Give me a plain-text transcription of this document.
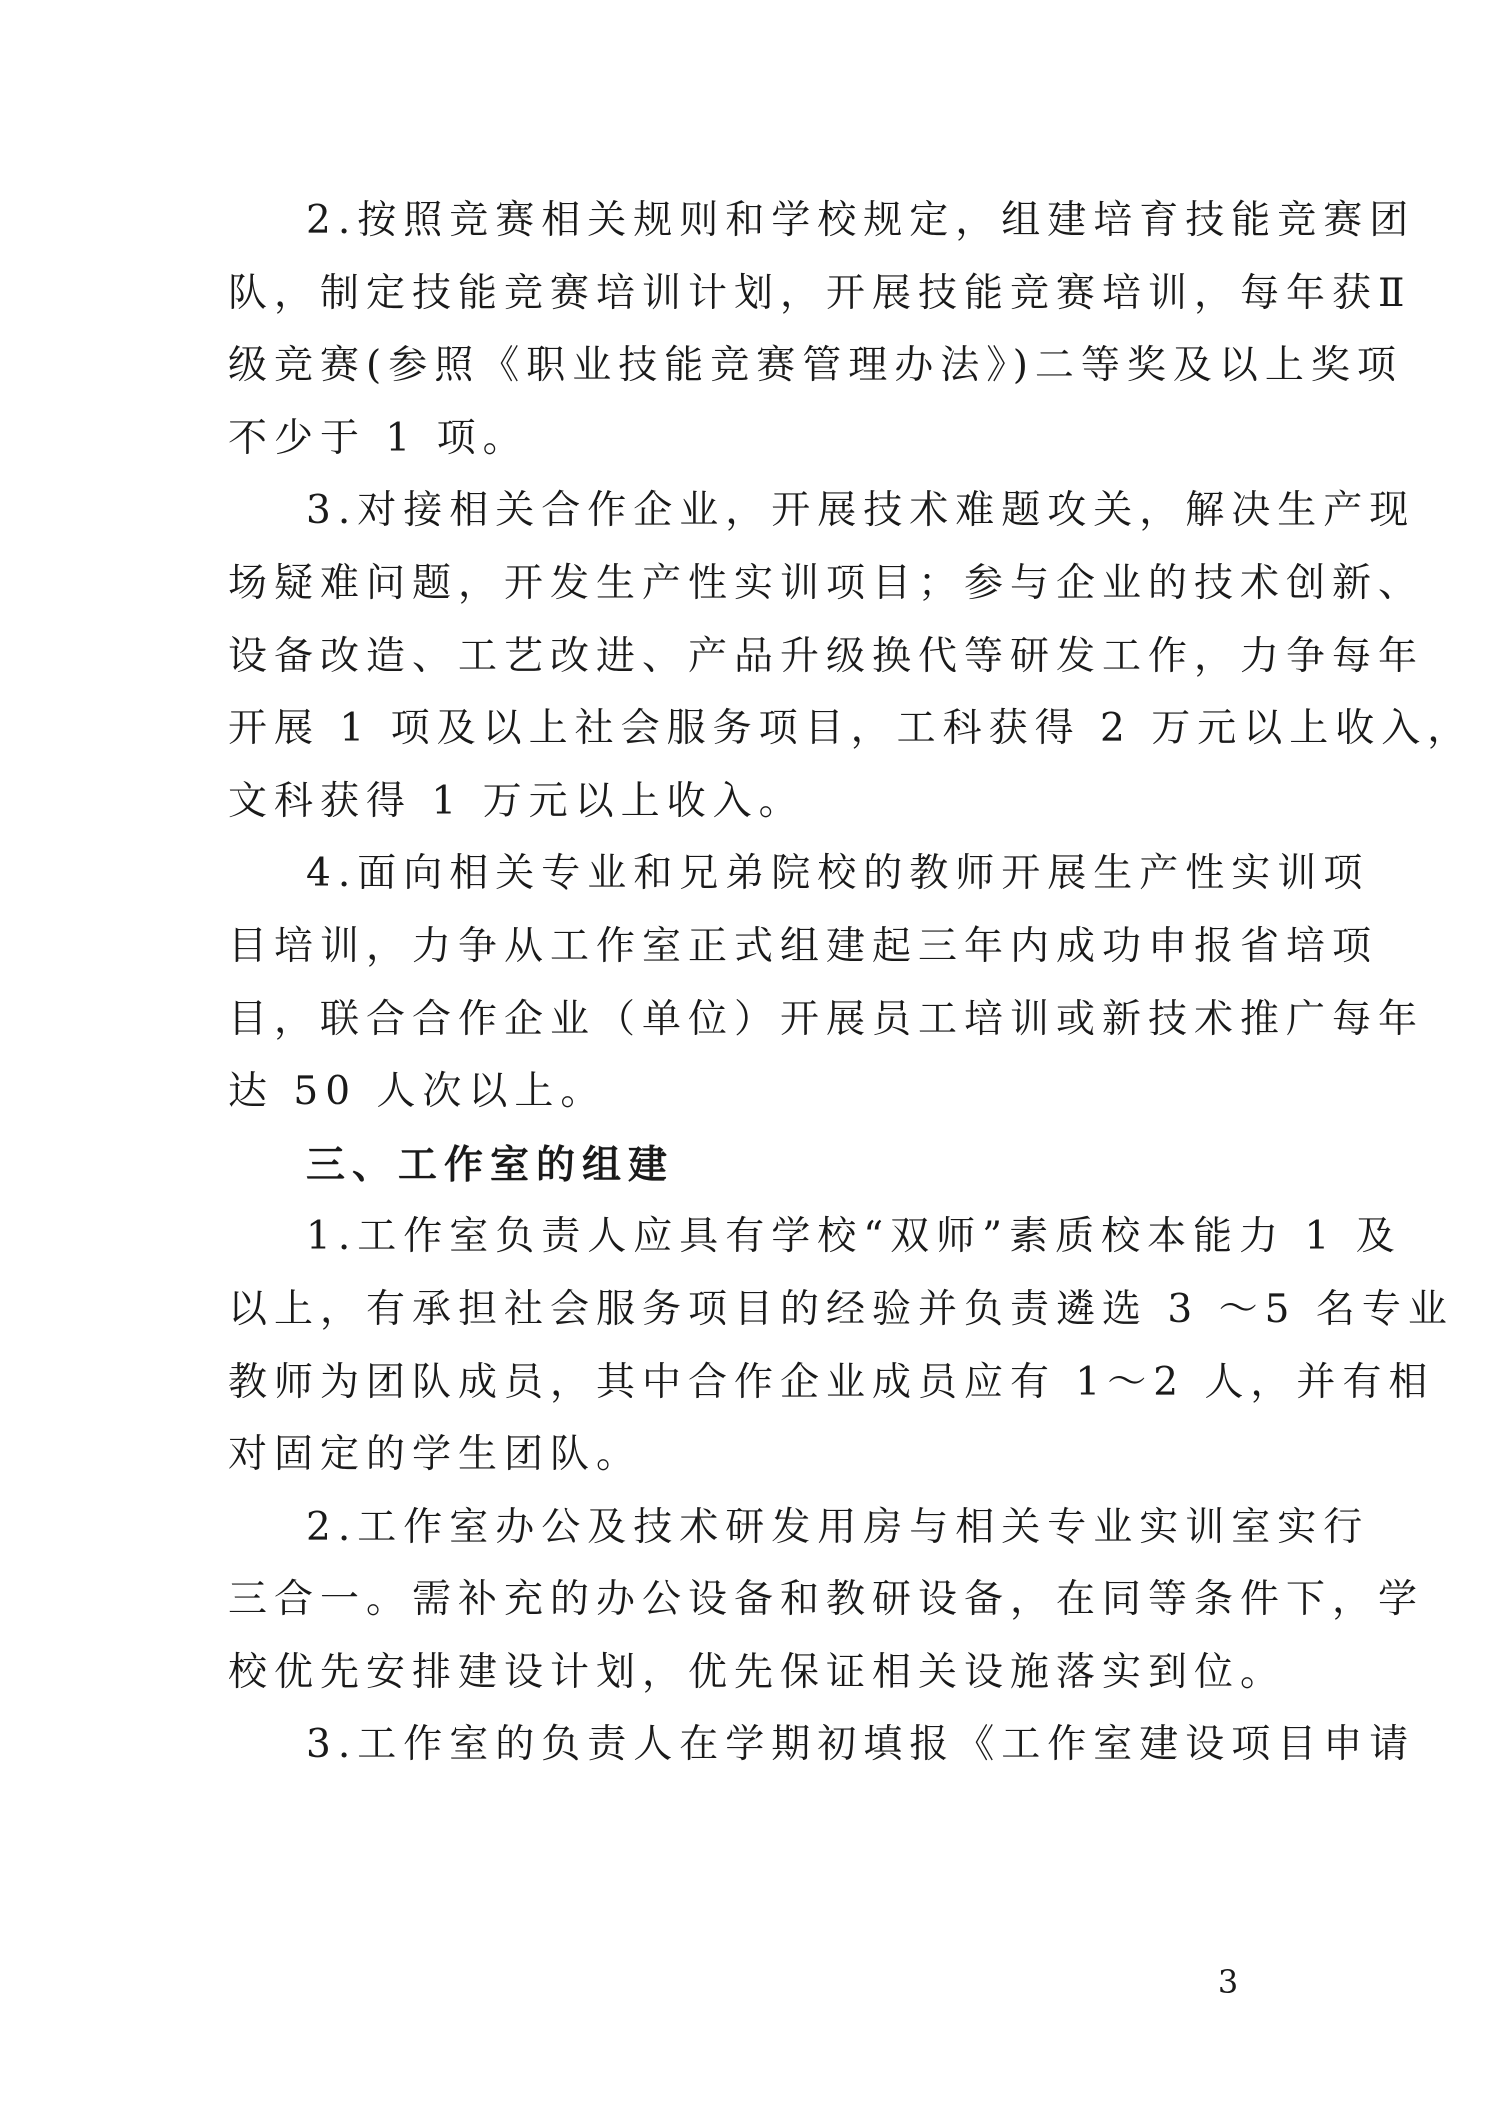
2.按照竞赛相关规则和学校规定，组建培育技能竞赛团
队，制定技能竞赛培训计划，开展技能竞赛培训，每年获Ⅱ
级竞赛(参照《职业技能竞赛管理办法》)二等奖及以上奖项
不少于 1 项。

3.对接相关合作企业，开展技术难题攻关，解决生产现
场疑难问题，开发生产性实训项目；参与企业的技术创新、
设备改造、工艺改进、产品升级换代等研发工作，力争每年
开展 1 项及以上社会服务项目，工科获得 2 万元以上收入，
文科获得 1 万元以上收入。

4.面向相关专业和兄弟院校的教师开展生产性实训项
目培训，力争从工作室正式组建起三年内成功申报省培项
目，联合合作企业（单位）开展员工培训或新技术推广每年
达 50 人次以上。

三、工作室的组建

1.工作室负责人应具有学校“双师”素质校本能力 1 及
以上，有承担社会服务项目的经验并负责遴选 3 ～5 名专业
教师为团队成员，其中合作企业成员应有 1～2 人，并有相
对固定的学生团队。

2.工作室办公及技术研发用房与相关专业实训室实行
三合一。需补充的办公设备和教研设备，在同等条件下，学
校优先安排建设计划，优先保证相关设施落实到位。

3.工作室的负责人在学期初填报《工作室建设项目申请

3
